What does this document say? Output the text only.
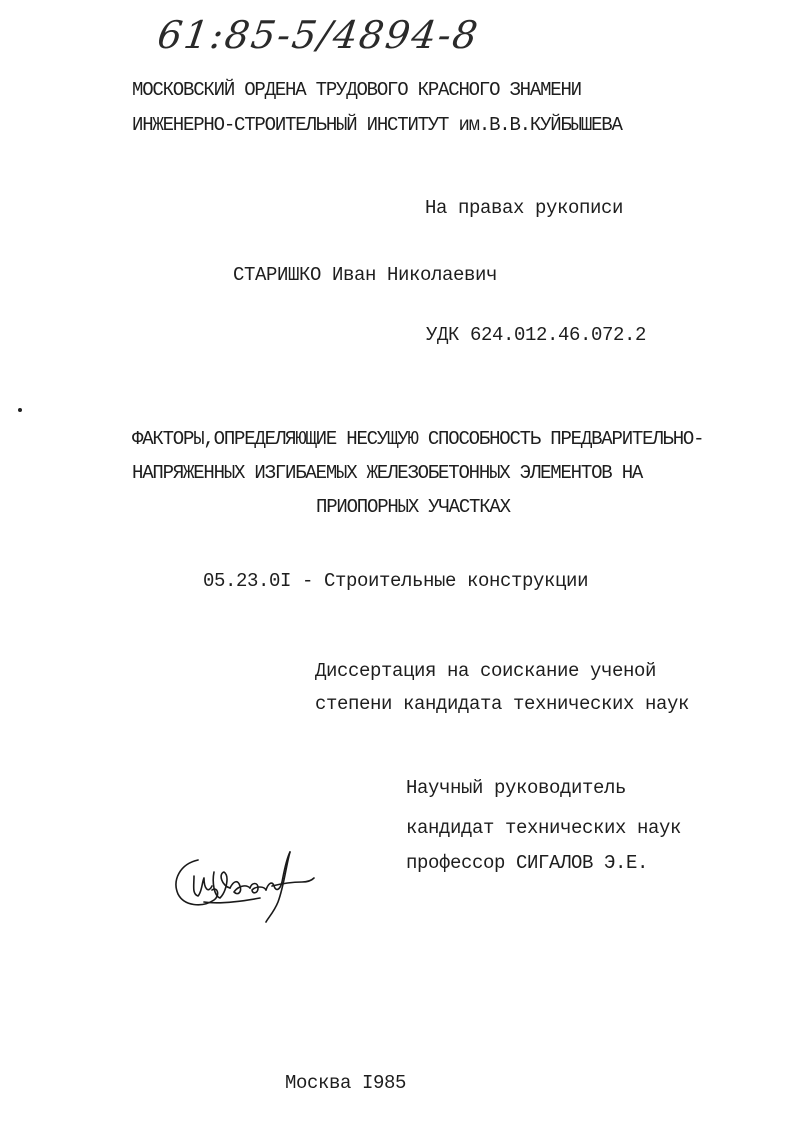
61:85-5/4894-8
МОСКОВСКИЙ ОРДЕНА ТРУДОВОГО КРАСНОГО ЗНАМЕНИ
ИНЖЕНЕРНО-СТРОИТЕЛЬНЫЙ ИНСТИТУТ им.В.В.КУЙБЫШЕВА
На правах рукописи
СТАРИШКО Иван Николаевич
УДК 624.012.46.072.2
ФАКТОРЫ,ОПРЕДЕЛЯЮЩИЕ НЕСУЩУЮ СПОСОБНОСТЬ ПРЕДВАРИТЕЛЬНО-
НАПРЯЖЕННЫХ ИЗГИБАЕМЫХ ЖЕЛЕЗОБЕТОННЫХ ЭЛЕМЕНТОВ НА
ПРИОПОРНЫХ УЧАСТКАХ
05.23.0I - Строительные конструкции
Диссертация на соискание ученой
степени кандидата технических наук
Научный руководитель
кандидат технических наук
профессор СИГАЛОВ Э.Е.
Москва I985
